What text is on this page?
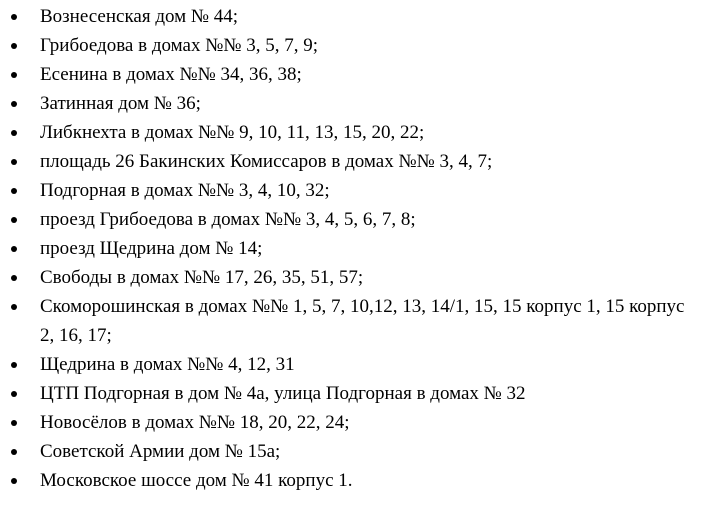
Вознесенская дом № 44;
Грибоедова в домах №№ 3, 5, 7, 9;
Есенина в домах №№ 34, 36, 38;
Затинная дом № 36;
Либкнехта в домах №№ 9, 10, 11, 13, 15, 20, 22;
площадь 26 Бакинских Комиссаров в домах №№ 3, 4, 7;
Подгорная в домах №№ 3, 4, 10, 32;
проезд Грибоедова в домах №№ 3, 4, 5, 6, 7, 8;
проезд Щедрина дом № 14;
Свободы в домах №№ 17, 26, 35, 51, 57;
Скоморошинская в домах №№ 1, 5, 7, 10,12, 13, 14/1, 15, 15 корпус 1, 15 корпус 2, 16, 17;
Щедрина в домах №№ 4, 12, 31
ЦТП Подгорная в дом № 4а, улица Подгорная в домах № 32
Новосёлов в домах №№ 18, 20, 22, 24;
Советской Армии дом № 15а;
Московское шоссе дом № 41 корпус 1.
